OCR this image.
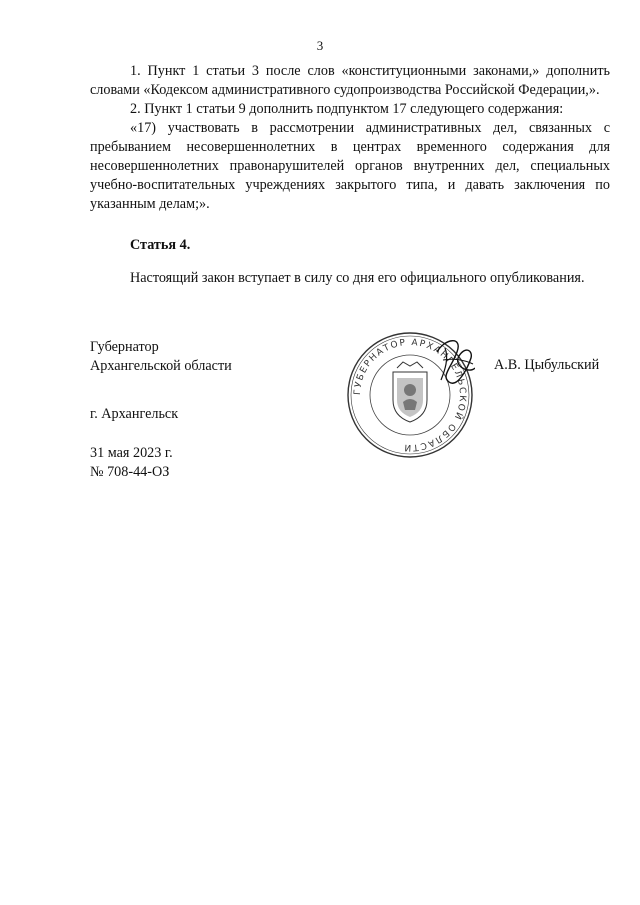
3

1. Пункт 1 статьи 3 после слов «конституционными законами,» дополнить словами «Кодексом административного судопроизводства Российской Федерации,».

2. Пункт 1 статьи 9 дополнить подпунктом 17 следующего содержания:

«17) участвовать в рассмотрении административных дел, связанных с пребыванием несовершеннолетних в центрах временного содержания для несовершеннолетних правонарушителей органов внутренних дел, специальных учебно-воспитательных учреждениях закрытого типа, и давать заключения по указанным делам;».

Статья 4.

Настоящий закон вступает в силу со дня его официального опубликования.

Губернатор
Архангельской области	А.В. Цыбульский
г. Архангельск
31 мая 2023 г.
№ 708-44-ОЗ
ГУБЕРНАТОР АРХАНГЕЛЬСКОЙ ОБЛАСТИ
